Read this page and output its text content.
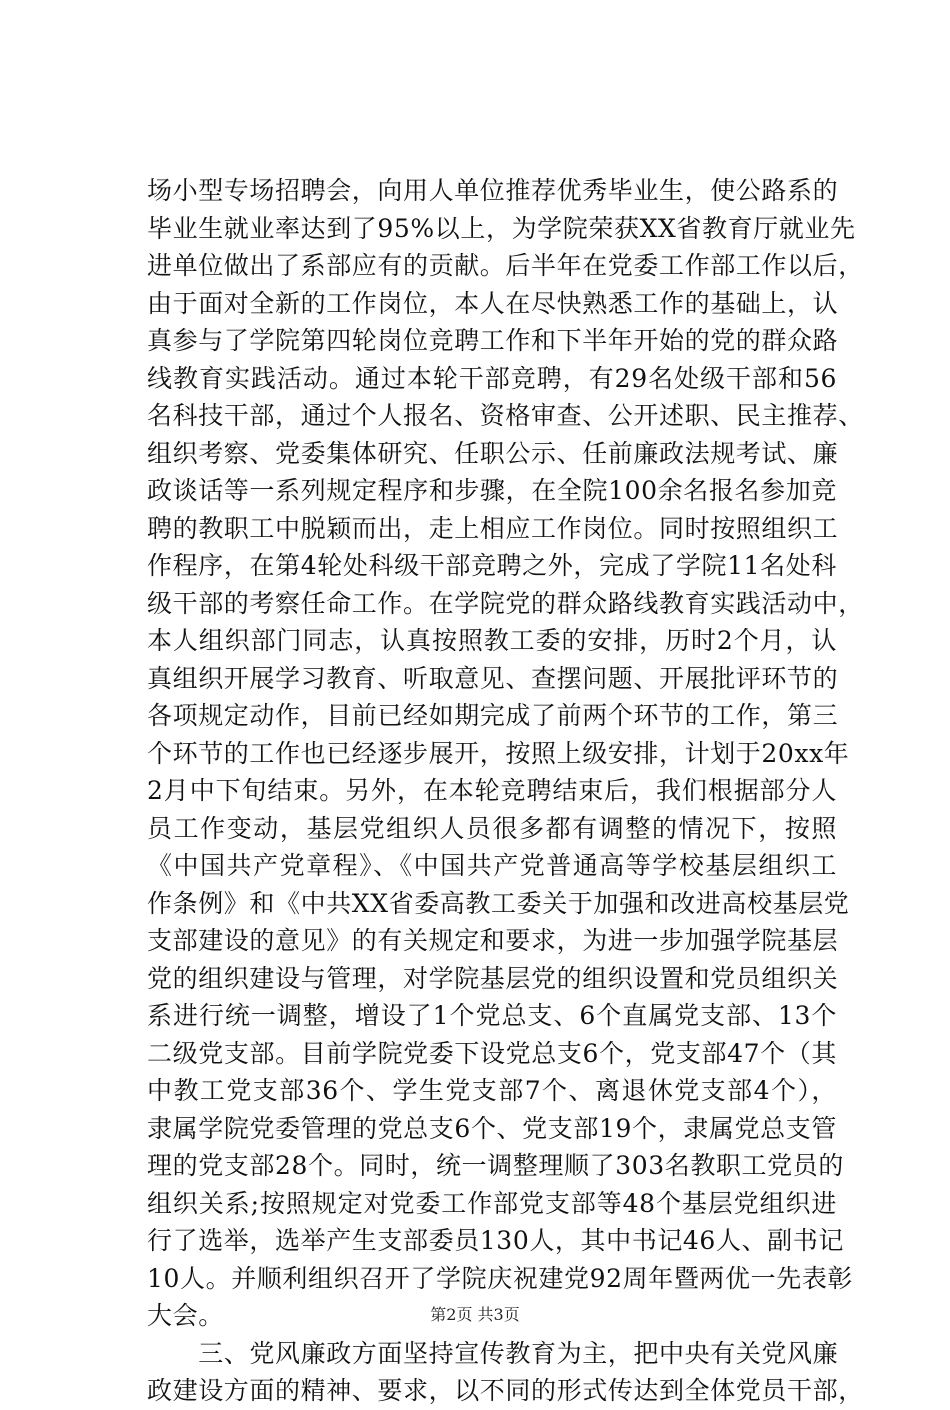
场小型专场招聘会，向用人单位推荐优秀毕业生，使公路系的
毕业生就业率达到了95%以上，为学院荣获XX省教育厅就业先
进单位做出了系部应有的贡献。后半年在党委工作部工作以后，
由于面对全新的工作岗位，本人在尽快熟悉工作的基础上，认
真参与了学院第四轮岗位竞聘工作和下半年开始的党的群众路
线教育实践活动。通过本轮干部竞聘，有29名处级干部和56
名科技干部，通过个人报名、资格审查、公开述职、民主推荐、
组织考察、党委集体研究、任职公示、任前廉政法规考试、廉
政谈话等一系列规定程序和步骤，在全院100余名报名参加竞
聘的教职工中脱颖而出，走上相应工作岗位。同时按照组织工
作程序，在第4轮处科级干部竞聘之外，完成了学院11名处科
级干部的考察任命工作。在学院党的群众路线教育实践活动中，
本人组织部门同志，认真按照教工委的安排，历时2个月，认
真组织开展学习教育、听取意见、查摆问题、开展批评环节的
各项规定动作，目前已经如期完成了前两个环节的工作，第三
个环节的工作也已经逐步展开，按照上级安排，计划于20xx年
2月中下旬结束。另外，在本轮竞聘结束后，我们根据部分人
员工作变动，基层党组织人员很多都有调整的情况下，按照
《中国共产党章程》、《中国共产党普通高等学校基层组织工
作条例》和《中共XX省委高教工委关于加强和改进高校基层党
支部建设的意见》的有关规定和要求，为进一步加强学院基层
党的组织建设与管理，对学院基层党的组织设置和党员组织关
系进行统一调整，增设了1个党总支、6个直属党支部、13个
二级党支部。目前学院党委下设党总支6个，党支部47个（其
中教工党支部36个、学生党支部7个、离退休党支部4个），
隶属学院党委管理的党总支6个、党支部19个，隶属党总支管
理的党支部28个。同时，统一调整理顺了303名教职工党员的
组织关系;按照规定对党委工作部党支部等48个基层党组织进
行了选举，选举产生支部委员130人，其中书记46人、副书记
10人。并顺利组织召开了学院庆祝建党92周年暨两优一先表彰
大会。
　　三、党风廉政方面坚持宣传教育为主，把中央有关党风廉
政建设方面的精神、要求，以不同的形式传达到全体党员干部，
第2页 共3页
